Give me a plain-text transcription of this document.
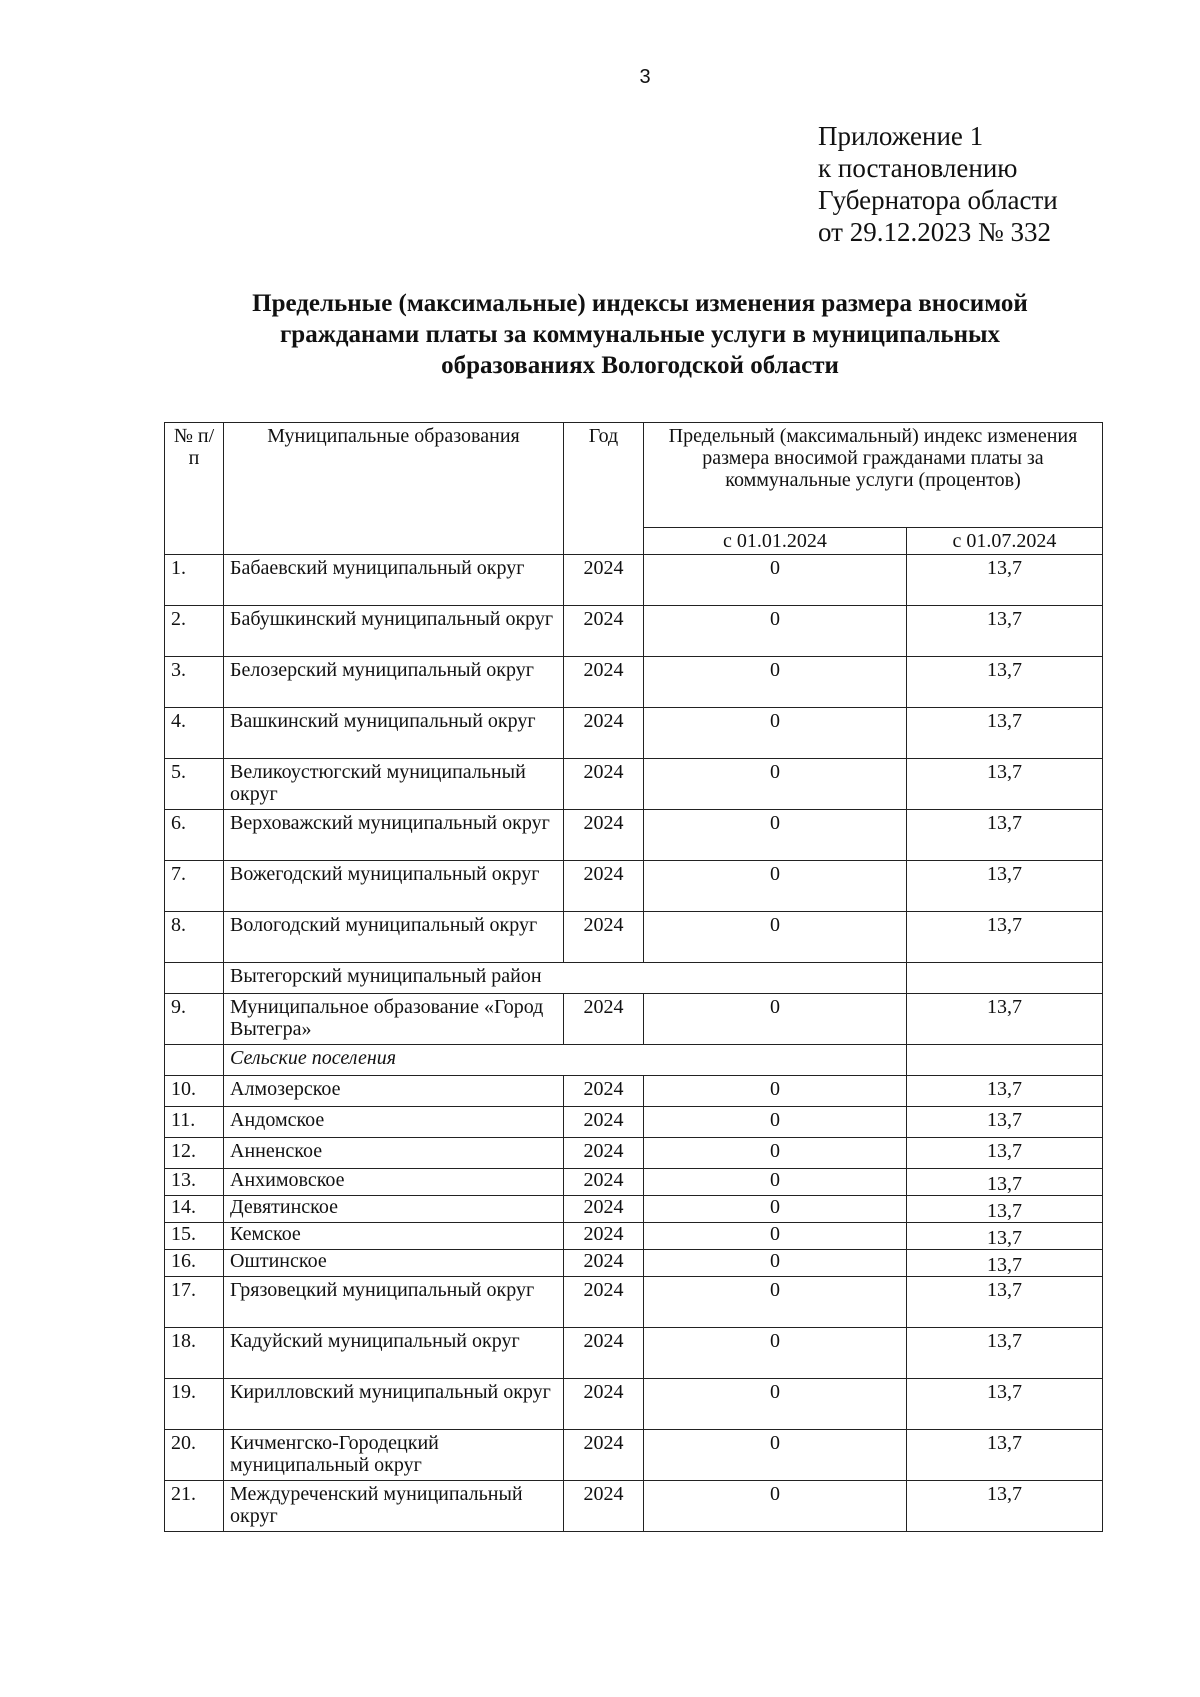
3
Приложение 1
к постановлению
Губернатора области
от 29.12.2023 № 332
Предельные (максимальные) индексы изменения размера вносимой
гражданами платы за коммунальные услуги в муниципальных
образованиях Вологодской области
№ п/п	Муниципальные образования	Год	Предельный (максимальный) индекс изменения размера вносимой гражданами платы за коммунальные услуги (процентов)	
			с 01.01.2024	с 01.07.2024
1.	Бабаевский муниципальный округ	2024	0	13,7
2.	Бабушкинский муниципальный округ	2024	0	13,7
3.	Белозерский муниципальный округ	2024	0	13,7
4.	Вашкинский муниципальный округ	2024	0	13,7
5.	Великоустюгский муниципальный округ	2024	0	13,7
6.	Верховажский муниципальный округ	2024	0	13,7
7.	Вожегодский муниципальный округ	2024	0	13,7
8.	Вологодский муниципальный округ	2024	0	13,7
	Вытегорский муниципальный район			
9.	Муниципальное образование «Город Вытегра»	2024	0	13,7
	Сельские поселения			
10.	Алмозерское	2024	0	13,7
11.	Андомское	2024	0	13,7
12.	Анненское	2024	0	13,7
13.	Анхимовское	2024	0	13,7
14.	Девятинское	2024	0	13,7
15.	Кемское	2024	0	13,7
16.	Оштинское	2024	0	13,7
17.	Грязовецкий муниципальный округ	2024	0	13,7
18.	Кадуйский муниципальный округ	2024	0	13,7
19.	Кирилловский муниципальный округ	2024	0	13,7
20.	Кичменгско-Городецкий муниципальный округ	2024	0	13,7
21.	Междуреченский муниципальный округ	2024	0	13,7
